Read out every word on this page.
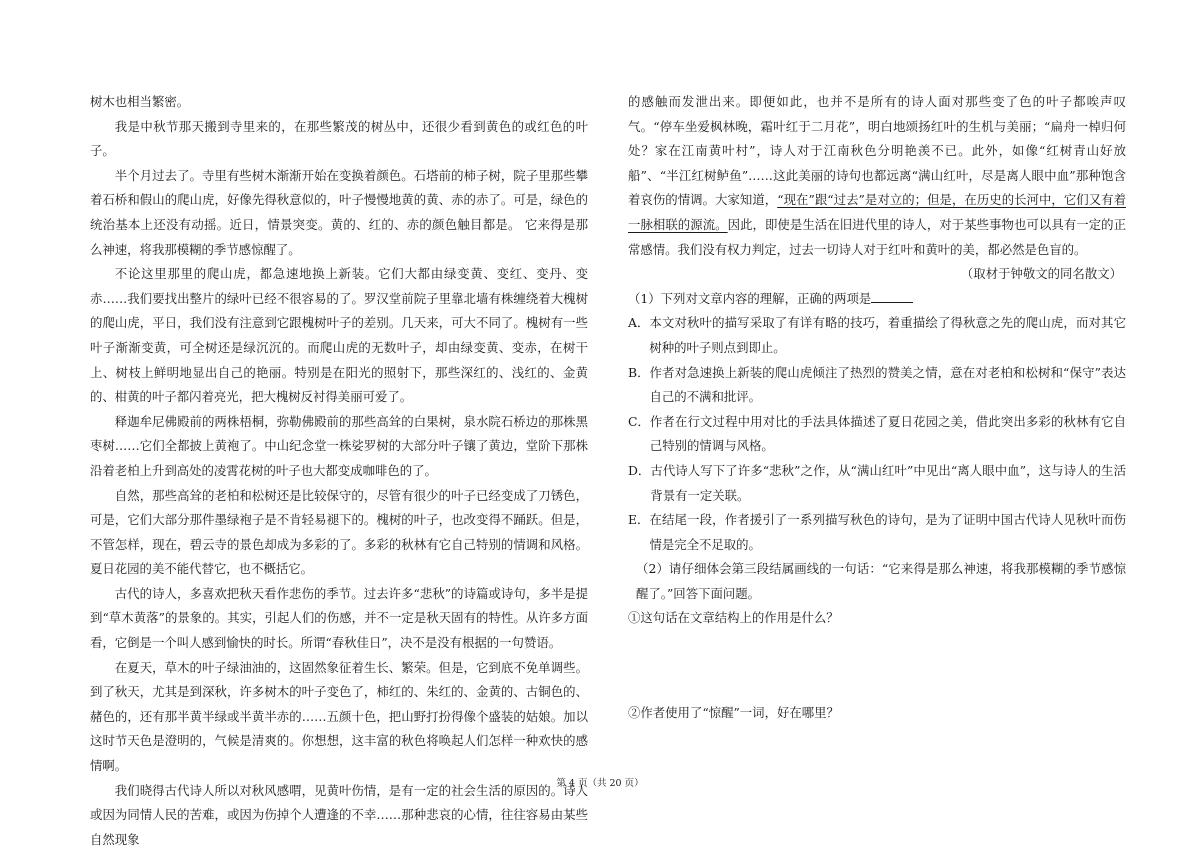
树木也相当繁密。

我是中秋节那天搬到寺里来的，在那些繁茂的树丛中，还很少看到黄色的或红色的叶子。

半个月过去了。寺里有些树木渐渐开始在变换着颜色。石塔前的柿子树，院子里那些攀着石桥和假山的爬山虎，好像先得秋意似的，叶子慢慢地黄的黄、赤的赤了。可是，绿色的统治基本上还没有动摇。近日，情景突变。黄的、红的、赤的颜色触目都是。 它来得是那么神速，将我那模糊的季节感惊醒了。

不论这里那里的爬山虎，都急速地换上新装。它们大都由绿变黄、变红、变丹、变赤……我们要找出整片的绿叶已经不很容易的了。罗汉堂前院子里靠北墙有株缠绕着大槐树的爬山虎，平日，我们没有注意到它跟槐树叶子的差别。几天来，可大不同了。槐树有一些叶子渐渐变黄，可全树还是绿沉沉的。而爬山虎的无数叶子，却由绿变黄、变赤，在树干上、树枝上鲜明地显出自己的艳丽。特别是在阳光的照射下，那些深红的、浅红的、金黄的、柑黄的叶子都闪着亮光，把大槐树反衬得美丽可爱了。

释迦牟尼佛殿前的两株梧桐，弥勒佛殿前的那些高耸的白果树，泉水院石桥边的那株黑枣树……它们全都披上黄袍了。中山纪念堂一株娑罗树的大部分叶子镶了黄边，堂阶下那株沿着老柏上升到高处的凌霄花树的叶子也大都变成咖啡色的了。

自然，那些高耸的老柏和松树还是比较保守的，尽管有很少的叶子已经变成了刀锈色，可是，它们大部分那件墨绿袍子是不肯轻易褪下的。槐树的叶子，也改变得不踊跃。但是，不管怎样，现在，碧云寺的景色却成为多彩的了。多彩的秋林有它自己特别的情调和风格。夏日花园的美不能代替它，也不概括它。

古代的诗人，多喜欢把秋天看作悲伤的季节。过去许多“悲秋”的诗篇或诗句，多半是提到“草木黄落”的景象的。其实，引起人们的伤感，并不一定是秋天固有的特性。从许多方面看，它倒是一个叫人感到愉快的时长。所谓“春秋佳日”，决不是没有根据的一句赞语。

在夏天，草木的叶子绿油油的，这固然象征着生长、繁荣。但是，它到底不免单调些。到了秋天，尤其是到深秋，许多树木的叶子变色了，柿红的、朱红的、金黄的、古铜色的、赭色的，还有那半黄半绿或半黄半赤的……五颜十色，把山野打扮得像个盛装的姑娘。加以这时节天色是澄明的，气候是清爽的。你想想，这丰富的秋色将唤起人们怎样一种欢快的感情啊。

我们晓得古代诗人所以对秋风感喟，见黄叶伤情，是有一定的社会生活的原因的。诗人或因为同情人民的苦难，或因为伤掉个人遭逢的不幸……那种悲哀的心情，往往容易由某些自然现象

的感触而发泄出来。即便如此，也并不是所有的诗人面对那些变了色的叶子都唉声叹气。“停车坐爱枫林晚，霜叶红于二月花”，明白地颂扬红叶的生机与美丽；“扁舟一棹归何处？家在江南黄叶村”，诗人对于江南秋色分明艳羡不已。此外，如像“红树青山好放船”、“半江红树鲈鱼”……这此美丽的诗句也都远离“满山红叶，尽是离人眼中血”那种饱含着哀伤的情调。大家知道，“现在”跟“过去”是对立的；但是，在历史的长河中，它们又有着一脉相联的源流。因此，即使是生活在旧进代里的诗人，对于某些事物也可以具有一定的正常感情。我们没有权力判定，过去一切诗人对于红叶和黄叶的美，都必然是色盲的。

（取材于钟敬文的同名散文）

（1）下列对文章内容的理解，正确的两项是

A． 本文对秋叶的描写采取了有详有略的技巧，着重描绘了得秋意之先的爬山虎，而对其它树种的叶子则点到即止。
B． 作者对急速换上新装的爬山虎倾注了热烈的赞美之情，意在对老柏和松树和“保守”表达自己的不满和批评。
C． 作者在行文过程中用对比的手法具体描述了夏日花园之美，借此突出多彩的秋林有它自己特别的情调与风格。
D． 古代诗人写下了许多“悲秋”之作，从“满山红叶”中见出“离人眼中血”，这与诗人的生活背景有一定关联。
E． 在结尾一段，作者援引了一系列描写秋色的诗句，是为了证明中国古代诗人见秋叶而伤情是完全不足取的。

（2）请仔细体会第三段结属画线的一句话：“它来得是那么神速，将我那模糊的季节感惊醒了。”回答下面问题。

①这句话在文章结构上的作用是什么？

②作者使用了“惊醒”一词，好在哪里？

第 4 页（共 20 页）
